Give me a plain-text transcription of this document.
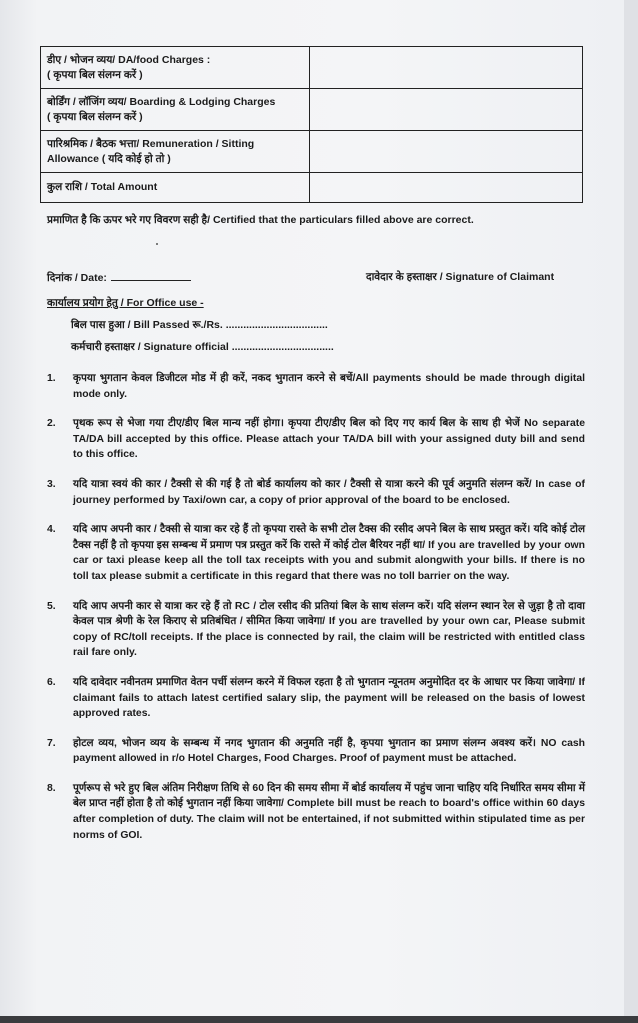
डीए / भोजन व्यय/ DA/food Charges :
( कृपया बिल संलग्न करें )	

बोर्डिंग / लॉजिंग व्यय/ Boarding & Lodging Charges
( कृपया बिल संलग्न करें )	

पारिश्रमिक / बैठक भत्ता/ Remuneration / Sitting
Allowance ( यदि कोई हो तो )	

कुल राशि / Total Amount	

प्रमाणित है कि ऊपर भरे गए विवरण सही है/ Certified that the particulars filled above are correct.
दिनांक / Date:	दावेदार के हस्ताक्षर / Signature of Claimant
कार्यालय प्रयोग हेतु / For Office use -
बिल पास हुआ / Bill Passed रू./Rs. ...................................
कर्मचारी हस्ताक्षर / Signature official ...................................
1. कृपया भुगतान केवल डिजीटल मोड में ही करें, नकद भुगतान करने से बचें/All payments should be made through digital mode only.
2. पृथक रूप से भेजा गया टीए/डीए बिल मान्य नहीं होगा। कृपया टीए/डीए बिल को दिए गए कार्य बिल के साथ ही भेजें No separate TA/DA bill accepted by this office. Please attach your TA/DA bill with your assigned duty bill and send to this office.
3. यदि यात्रा स्वयं की कार / टैक्सी से की गई है तो बोर्ड कार्यालय को कार / टैक्सी से यात्रा करने की पूर्व अनुमति संलग्न करें/ In case of journey performed by Taxi/own car, a copy of prior approval of the board to be enclosed.
4. यदि आप अपनी कार / टैक्सी से यात्रा कर रहे हैं तो कृपया रास्ते के सभी टोल टैक्स की रसीद अपने बिल के साथ प्रस्तुत करें। यदि कोई टोल टैक्स नहीं है तो कृपया इस सम्बन्ध में प्रमाण पत्र प्रस्तुत करें कि रास्ते में कोई टोल बैरियर नहीं था/ If you are travelled by your own car or taxi please keep all the toll tax receipts with you and submit alongwith your bills. If there is no toll tax please submit a certificate in this regard that there was no toll barrier on the way.
5. यदि आप अपनी कार से यात्रा कर रहे हैं तो RC / टोल रसीद की प्रतियां बिल के साथ संलग्न करें। यदि संलग्न स्थान रेल से जुड़ा है तो दावा केवल पात्र श्रेणी के रेल किराए से प्रतिबंधित / सीमित किया जावेगा/ If you are travelled by your own car, Please submit copy of RC/toll receipts. If the place is connected by rail, the claim will be restricted with entitled class rail fare only.
6. यदि दावेदार नवीनतम प्रमाणित वेतन पर्ची संलग्न करने में विफल रहता है तो भुगतान न्यूनतम अनुमोदित दर के आधार पर किया जावेगा/ If claimant fails to attach latest certified salary slip, the payment will be released on the basis of lowest approved rates.
7. होटल व्यय, भोजन व्यय के सम्बन्ध में नगद भुगतान की अनुमति नहीं है, कृपया भुगतान का प्रमाण संलग्न अवश्य करें। NO cash payment allowed in r/o Hotel Charges, Food Charges. Proof of payment must be attached.
8. पूर्णरूप से भरे हुए बिल अंतिम निरीक्षण तिथि से 60 दिन की समय सीमा में बोर्ड कार्यालय में पहुंच जाना चाहिए यदि निर्धारित समय सीमा में बेल प्राप्त नहीं होता है तो कोई भुगतान नहीं किया जावेगा/ Complete bill must be reach to board's office within 60 days after completion of duty. The claim will not be entertained, if not submitted within stipulated time as per norms of GOI.
